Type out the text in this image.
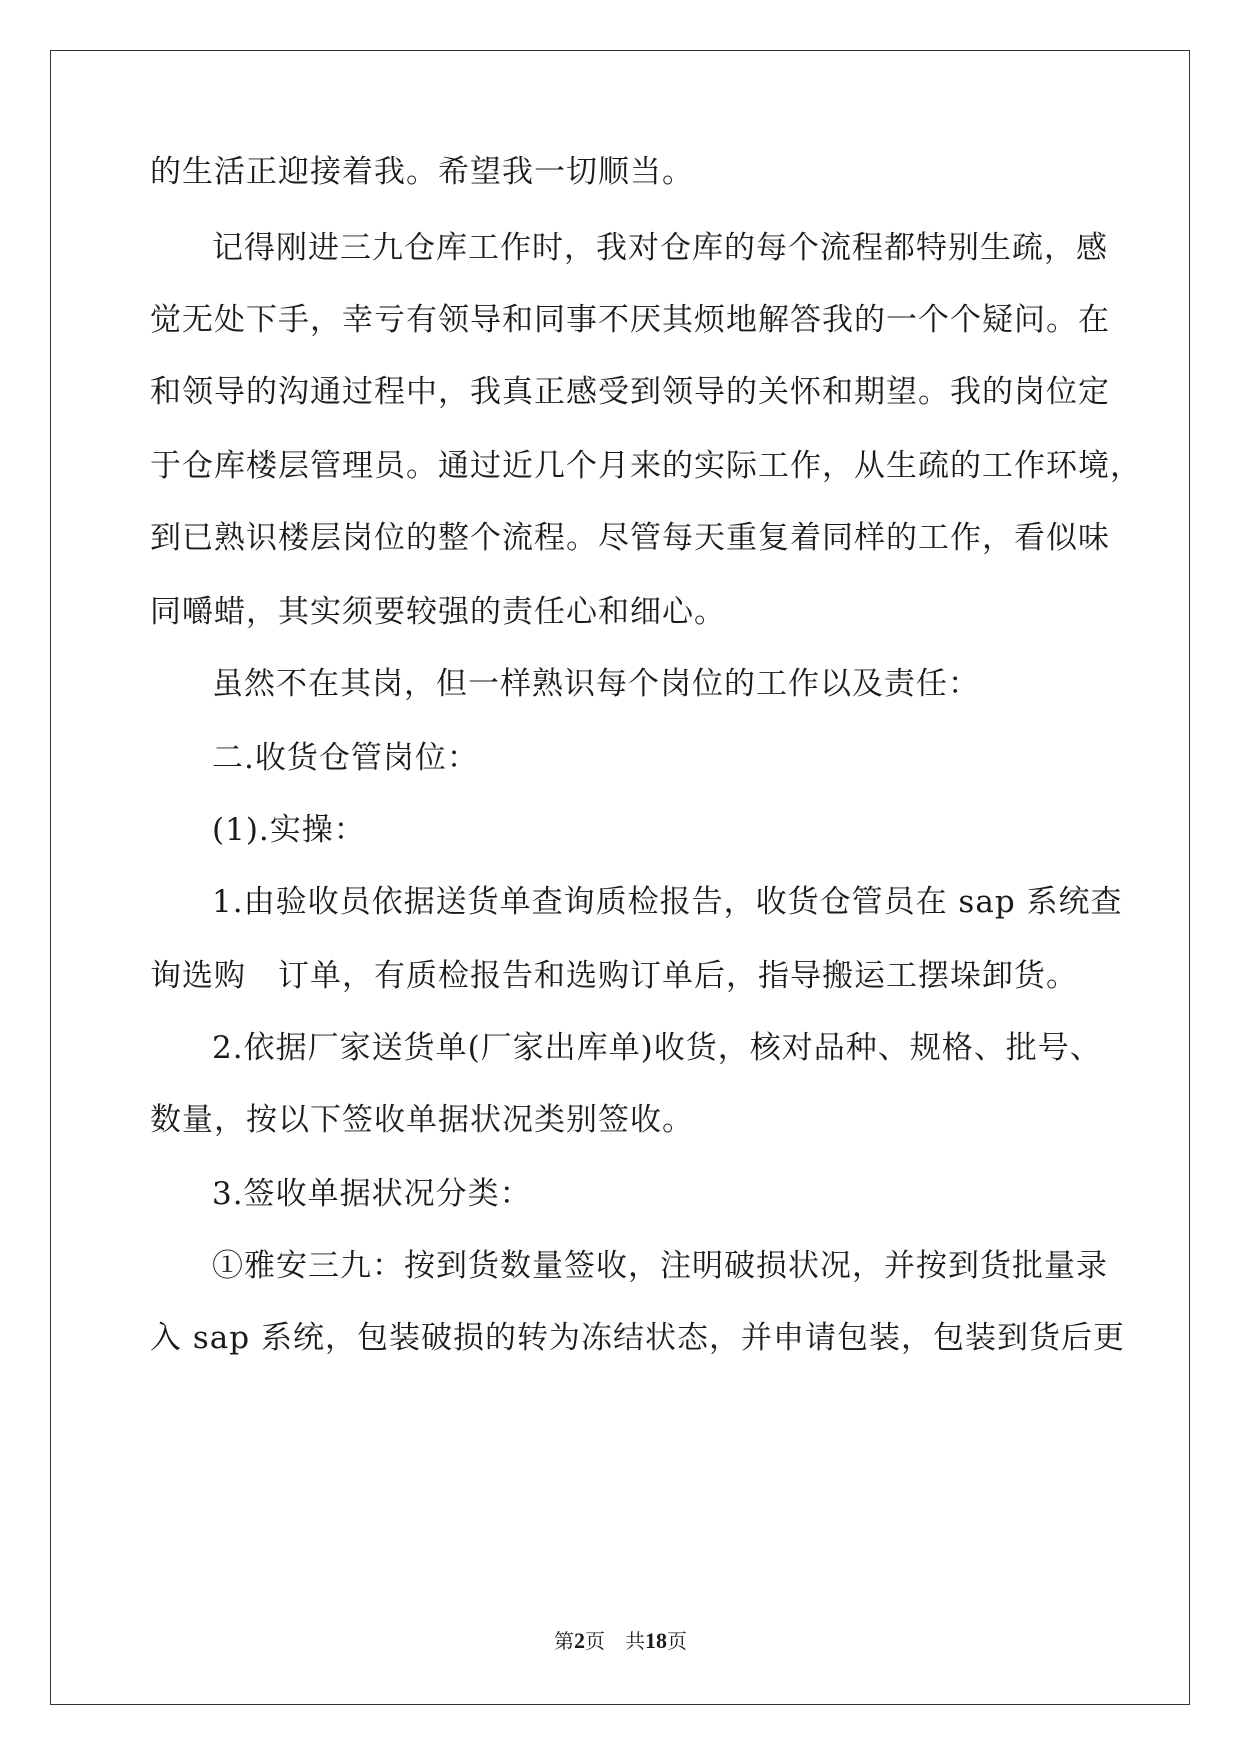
的生活正迎接着我。希望我一切顺当。
记得刚进三九仓库工作时，我对仓库的每个流程都特别生疏，感
觉无处下手，幸亏有领导和同事不厌其烦地解答我的一个个疑问。在
和领导的沟通过程中，我真正感受到领导的关怀和期望。我的岗位定
于仓库楼层管理员。通过近几个月来的实际工作，从生疏的工作环境，
到已熟识楼层岗位的整个流程。尽管每天重复着同样的工作，看似味
同嚼蜡，其实须要较强的责任心和细心。
虽然不在其岗，但一样熟识每个岗位的工作以及责任：
二.收货仓管岗位：
(1).实操：
1.由验收员依据送货单查询质检报告，收货仓管员在 sap 系统查
询选购　订单，有质检报告和选购订单后，指导搬运工摆垛卸货。
2.依据厂家送货单(厂家出库单)收货，核对品种、规格、批号、
数量，按以下签收单据状况类别签收。
3.签收单据状况分类：
①雅安三九：按到货数量签收，注明破损状况，并按到货批量录
入 sap 系统，包装破损的转为冻结状态，并申请包装，包装到货后更
第2页　共18页
